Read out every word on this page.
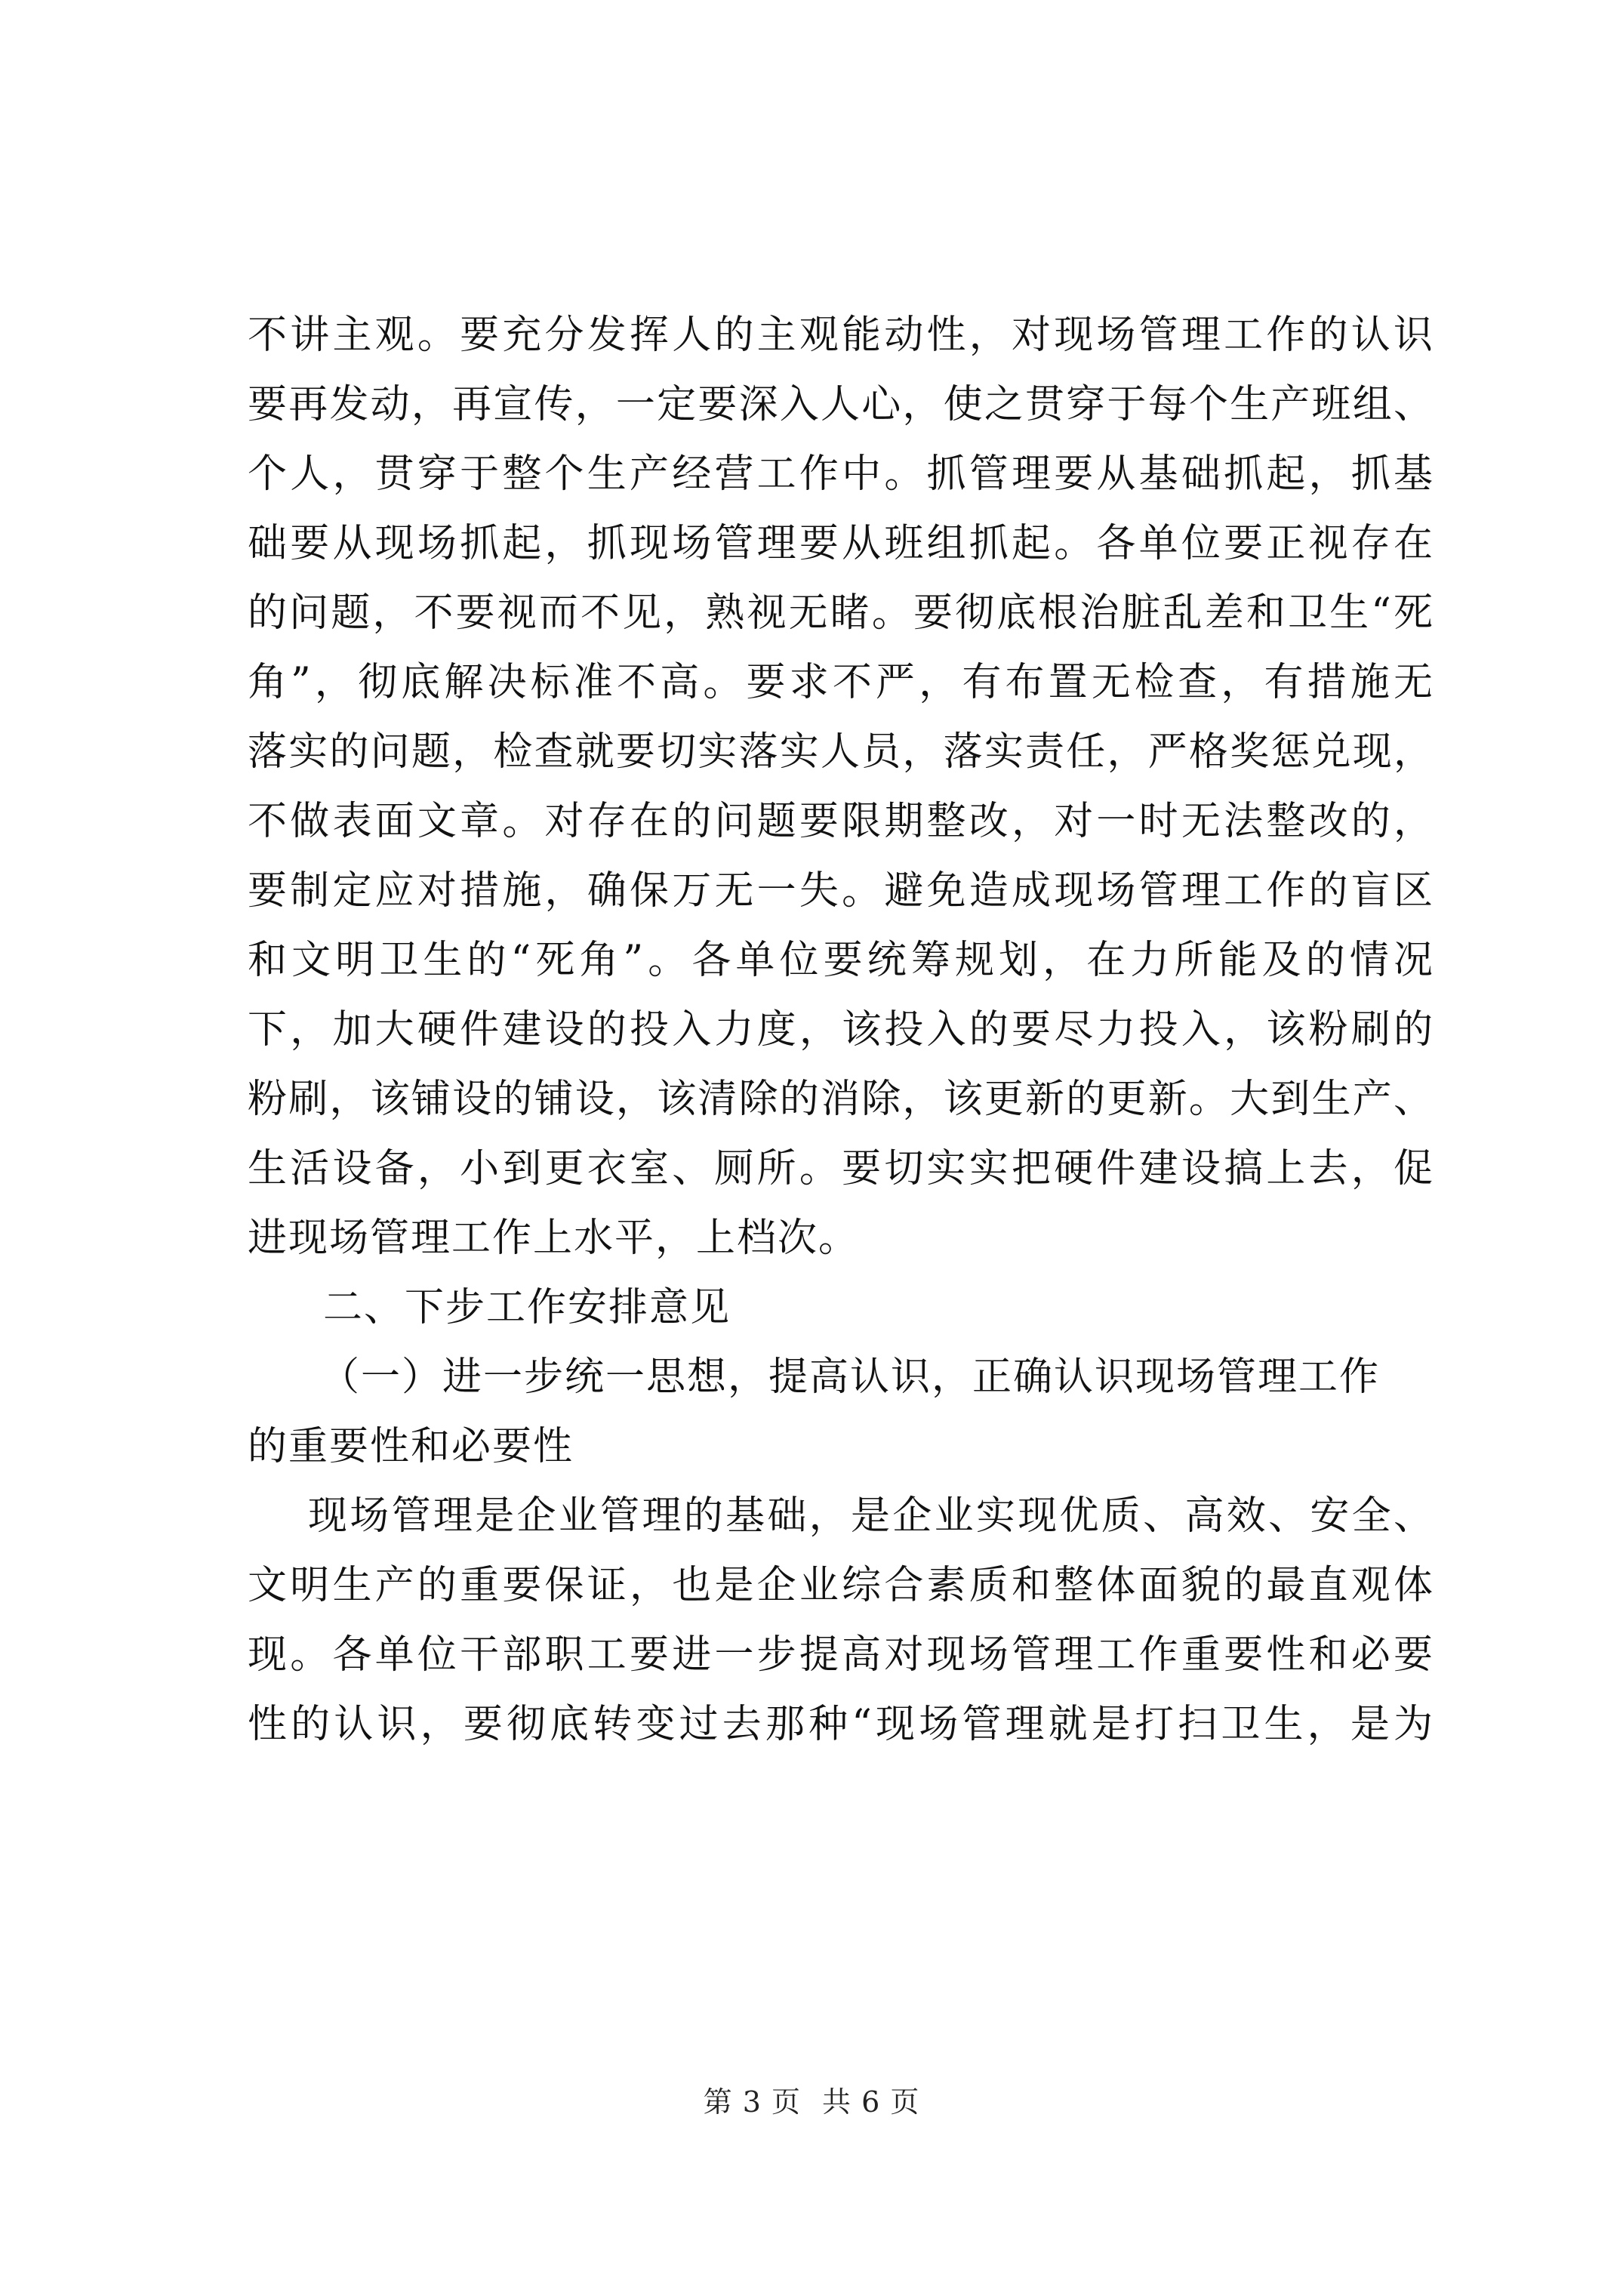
不讲主观。要充分发挥人的主观能动性，对现场管理工作的认识
要再发动，再宣传，一定要深入人心，使之贯穿于每个生产班组、
个人，贯穿于整个生产经营工作中。抓管理要从基础抓起，抓基
础要从现场抓起，抓现场管理要从班组抓起。各单位要正视存在
的问题，不要视而不见，熟视无睹。要彻底根治脏乱差和卫生“死
角”，彻底解决标准不高。要求不严，有布置无检查，有措施无
落实的问题，检查就要切实落实人员，落实责任，严格奖惩兑现，
不做表面文章。对存在的问题要限期整改，对一时无法整改的，
要制定应对措施，确保万无一失。避免造成现场管理工作的盲区
和文明卫生的“死角”。各单位要统筹规划，在力所能及的情况
下，加大硬件建设的投入力度，该投入的要尽力投入，该粉刷的
粉刷，该铺设的铺设，该清除的消除，该更新的更新。大到生产、
生活设备，小到更衣室、厕所。要切实实把硬件建设搞上去，促
进现场管理工作上水平，上档次。
二、下步工作安排意见
（一）进一步统一思想，提高认识，正确认识现场管理工作
的重要性和必要性
现场管理是企业管理的基础，是企业实现优质、高效、安全、
文明生产的重要保证，也是企业综合素质和整体面貌的最直观体
现。各单位干部职工要进一步提高对现场管理工作重要性和必要
性的认识，要彻底转变过去那种“现场管理就是打扫卫生，是为
第 3 页 共 6 页
